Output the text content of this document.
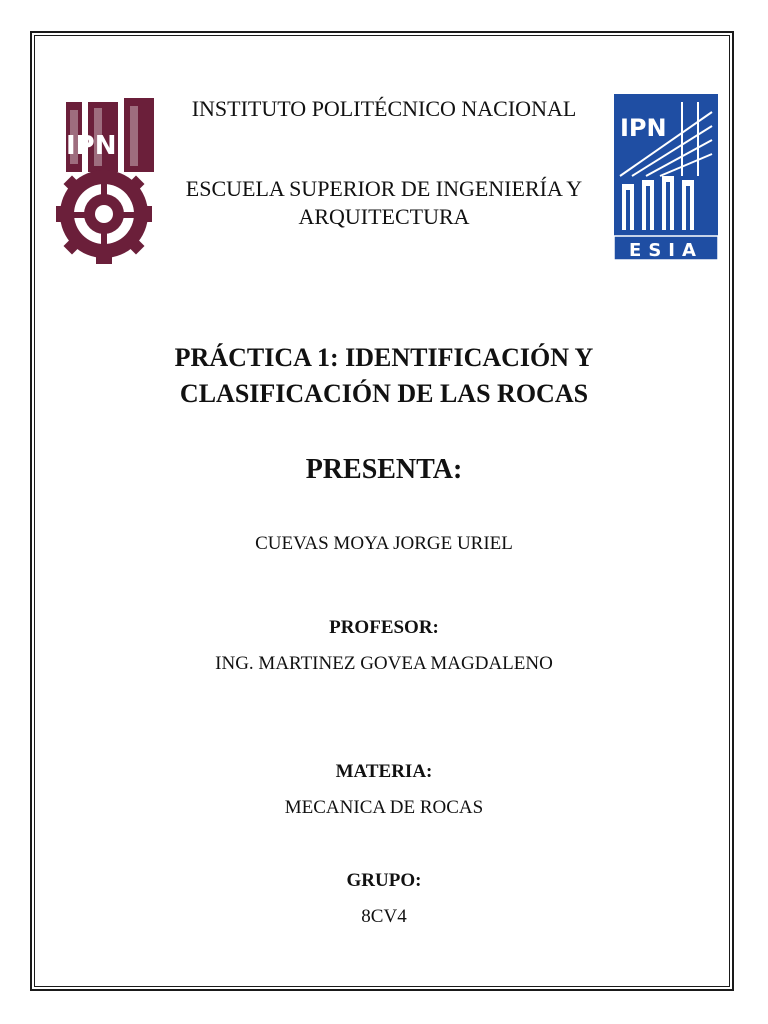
IPN
INSTITUTO POLITÉCNICO NACIONAL

ESCUELA SUPERIOR DE INGENIERÍA Y

ARQUITECTURA

IPN
ESIA
PRÁCTICA 1: IDENTIFICACIÓN Y
CLASIFICACIÓN DE LAS ROCAS
PRESENTA:

CUEVAS MOYA JORGE URIEL

PROFESOR:

ING. MARTINEZ GOVEA MAGDALENO

MATERIA:

MECANICA DE ROCAS

GRUPO:

8CV4
